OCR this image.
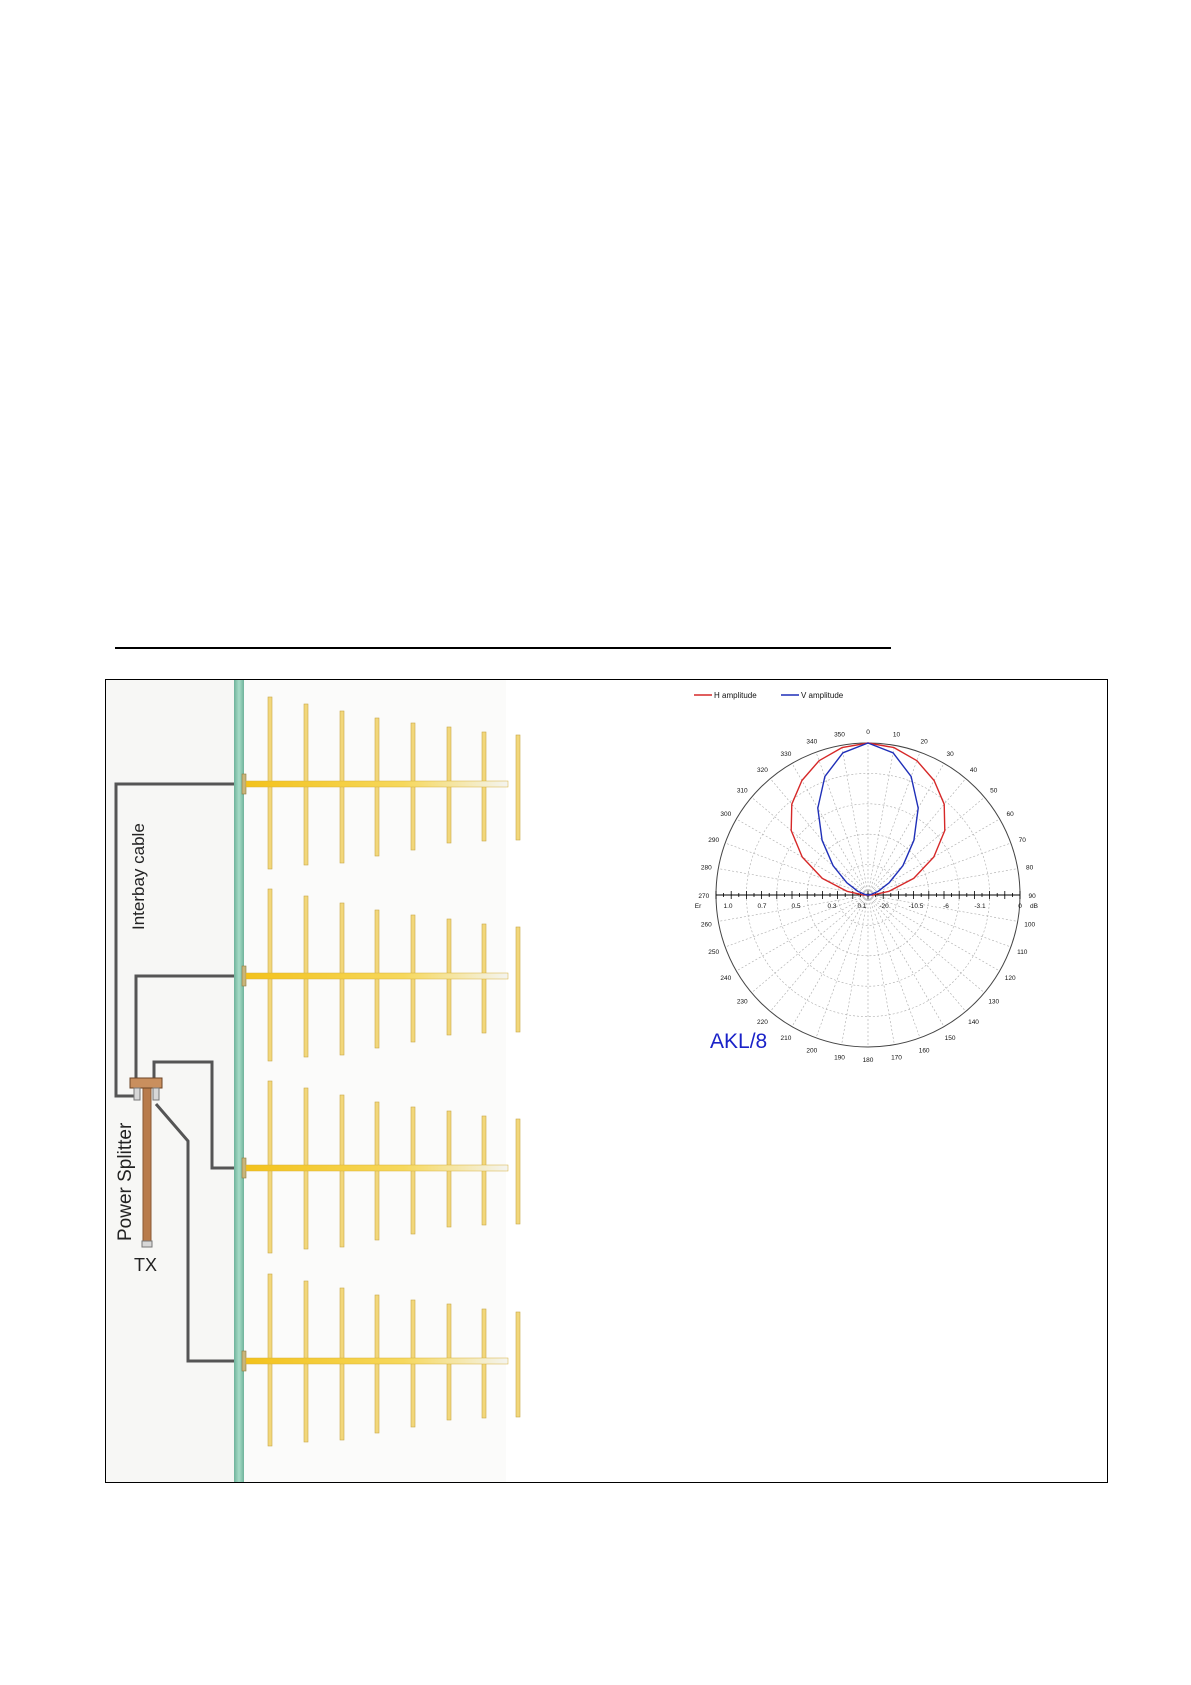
Interbay cable
Power Splitter
TX
H amplitude	V amplitude
0	10
20
30
40
50
60
70
80
90
100
110
120
130
140
150
160
170
180
190
200
210
220
230
240
250
260
270
280
290
300
310
320
330
340
350
Er	1.0	0.7	0.5	0.3	0.1 -20	-10.5	-6	-3.1	0 dB
AKL/8
